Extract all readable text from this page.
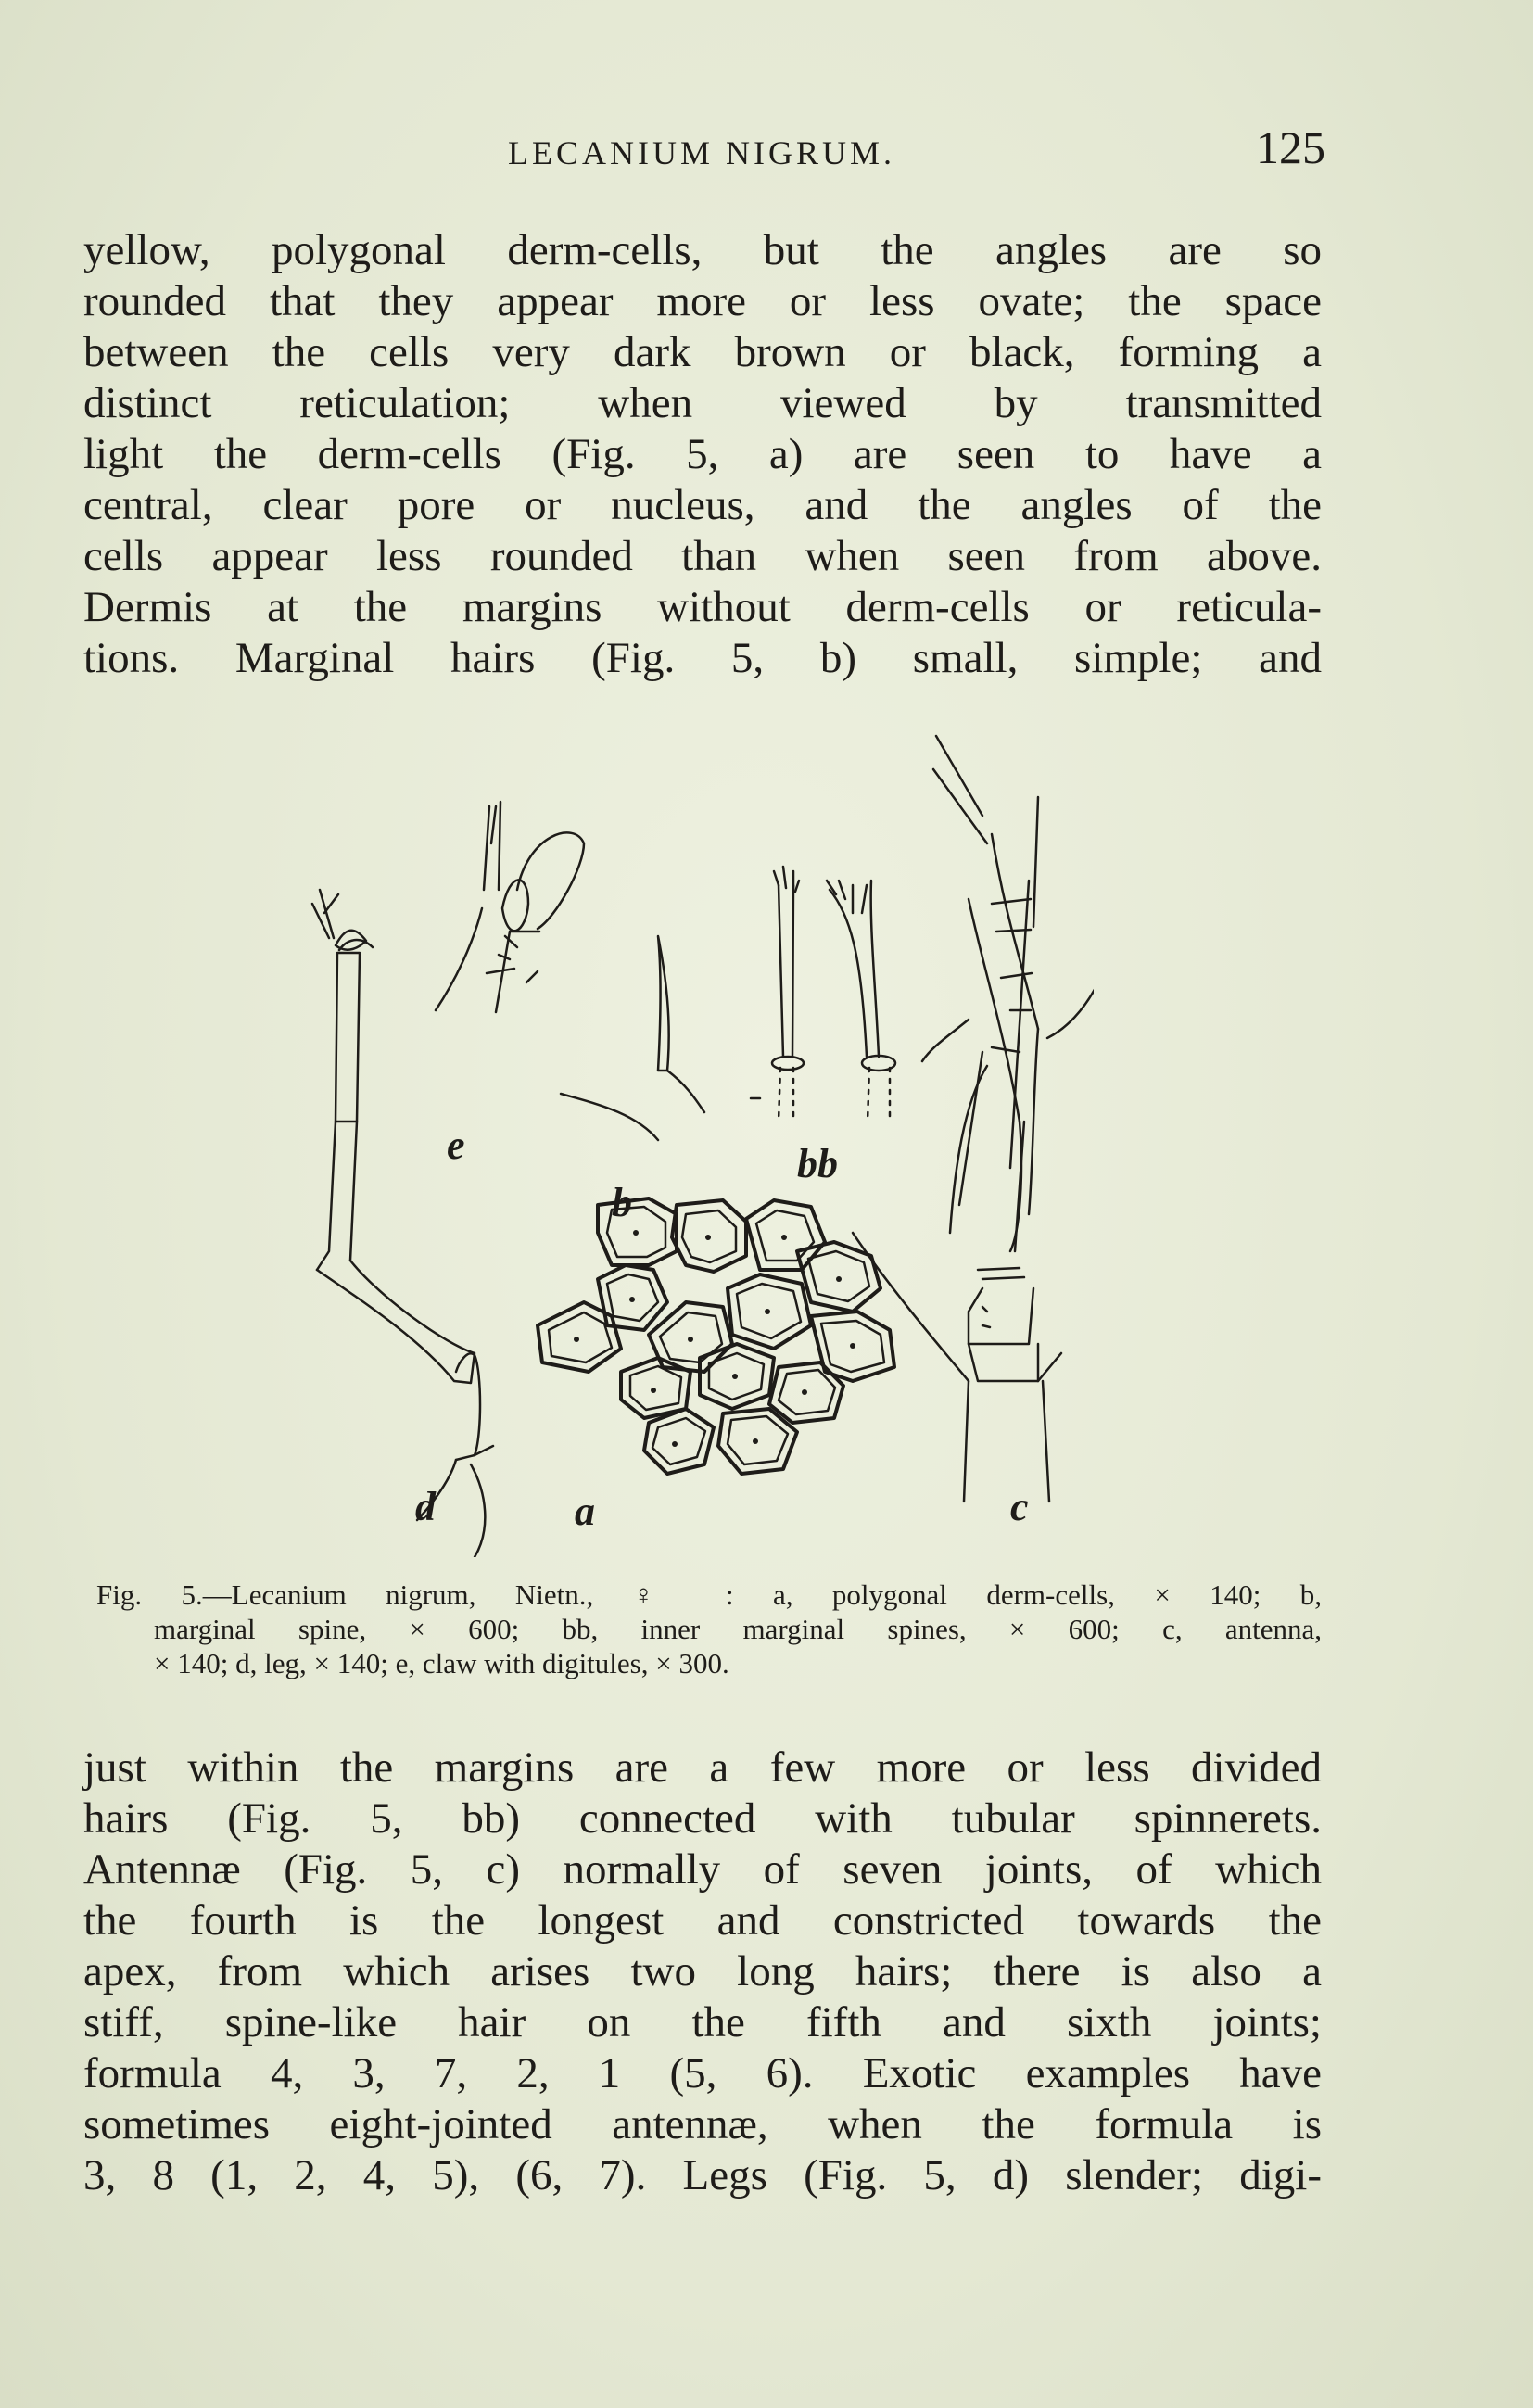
LECANIUM NIGRUM.	125

yellow, polygonal derm-cells, but the angles are so
rounded that they appear more or less ovate; the space
between the cells very dark brown or black, forming a
distinct reticulation; when viewed by transmitted
light the derm-cells (Fig. 5, a) are seen to have a
central, clear pore or nucleus, and the angles of the
cells appear less rounded than when seen from above.
Dermis at the margins without derm-cells or reticula-
tions. Marginal hairs (Fig. 5, b) small, simple; and

e
b
bb
d	a	c
Fig. 5.—Lecanium nigrum, Nietn., ♀ : a, polygonal derm-cells, × 140; b,
marginal spine, × 600; bb, inner marginal spines, × 600; c, antenna,
× 140; d, leg, × 140; e, claw with digitules, × 300.

just within the margins are a few more or less divided
hairs (Fig. 5, bb) connected with tubular spinnerets.
Antennæ (Fig. 5, c) normally of seven joints, of which
the fourth is the longest and constricted towards the
apex, from which arises two long hairs; there is also a
stiff, spine-like hair on the fifth and sixth joints;
formula 4, 3, 7, 2, 1 (5, 6). Exotic examples have
sometimes eight-jointed antennæ, when the formula is
3, 8 (1, 2, 4, 5), (6, 7). Legs (Fig. 5, d) slender; digi-
